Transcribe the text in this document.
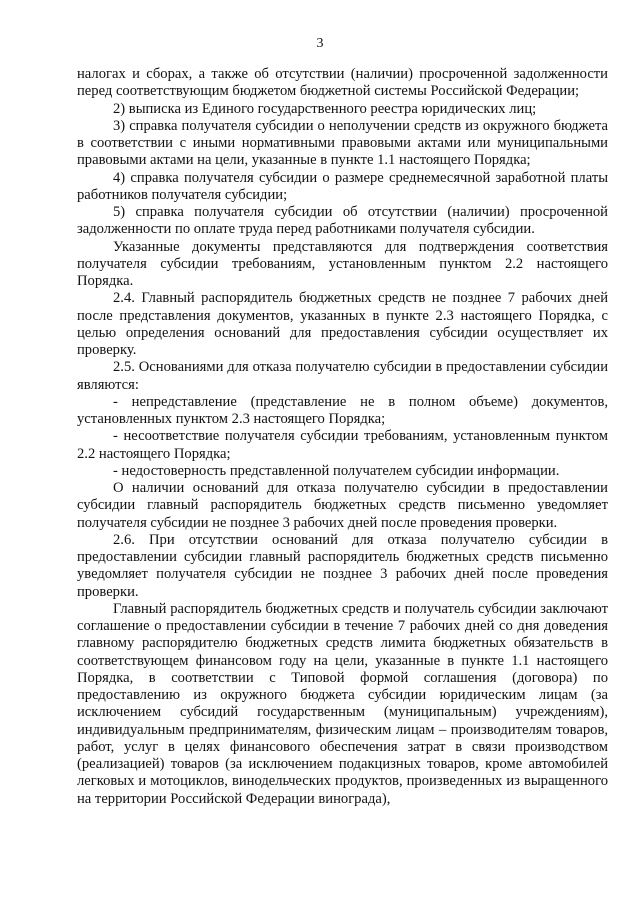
3

налогах и сборах, а также об отсутствии (наличии) просроченной задолженности перед соответствующим бюджетом бюджетной системы Российской Федерации;

2) выписка из Единого государственного реестра юридических лиц;

3) справка получателя субсидии о неполучении средств из окружного бюджета в соответствии с иными нормативными правовыми актами или муниципальными правовыми актами на цели, указанные в пункте 1.1 настоящего Порядка;

4) справка получателя субсидии о размере среднемесячной заработной платы работников получателя субсидии;

5) справка получателя субсидии об отсутствии (наличии) просроченной задолженности по оплате труда перед работниками получателя субсидии.

Указанные документы представляются для подтверждения соответствия получателя субсидии требованиям, установленным пунктом 2.2 настоящего Порядка.

2.4. Главный распорядитель бюджетных средств не позднее 7 рабочих дней после представления документов, указанных в пункте 2.3 настоящего Порядка, с целью определения оснований для предоставления субсидии осуществляет их проверку.

2.5. Основаниями для отказа получателю субсидии в предоставлении субсидии являются:

- непредставление (представление не в полном объеме) документов, установленных пунктом 2.3 настоящего Порядка;

- несоответствие получателя субсидии требованиям, установленным пунктом 2.2 настоящего Порядка;

- недостоверность представленной получателем субсидии информации.

О наличии оснований для отказа получателю субсидии в предоставлении субсидии главный распорядитель бюджетных средств письменно уведомляет получателя субсидии не позднее 3 рабочих дней после проведения проверки.

2.6. При отсутствии оснований для отказа получателю субсидии в предоставлении субсидии главный распорядитель бюджетных средств письменно уведомляет получателя субсидии не позднее 3 рабочих дней после проведения проверки.

Главный распорядитель бюджетных средств и получатель субсидии заключают соглашение о предоставлении субсидии в течение 7 рабочих дней со дня доведения главному распорядителю бюджетных средств лимита бюджетных обязательств в соответствующем финансовом году на цели, указанные в пункте 1.1 настоящего Порядка, в соответствии с Типовой формой соглашения (договора) по предоставлению из окружного бюджета субсидии юридическим лицам (за исключением субсидий государственным (муниципальным) учреждениям), индивидуальным предпринимателям, физическим лицам – производителям товаров, работ, услуг в целях финансового обеспечения затрат в связи производством (реализацией) товаров (за исключением подакцизных товаров, кроме автомобилей легковых и мотоциклов, винодельческих продуктов, произведенных из выращенного на территории Российской Федерации винограда),
